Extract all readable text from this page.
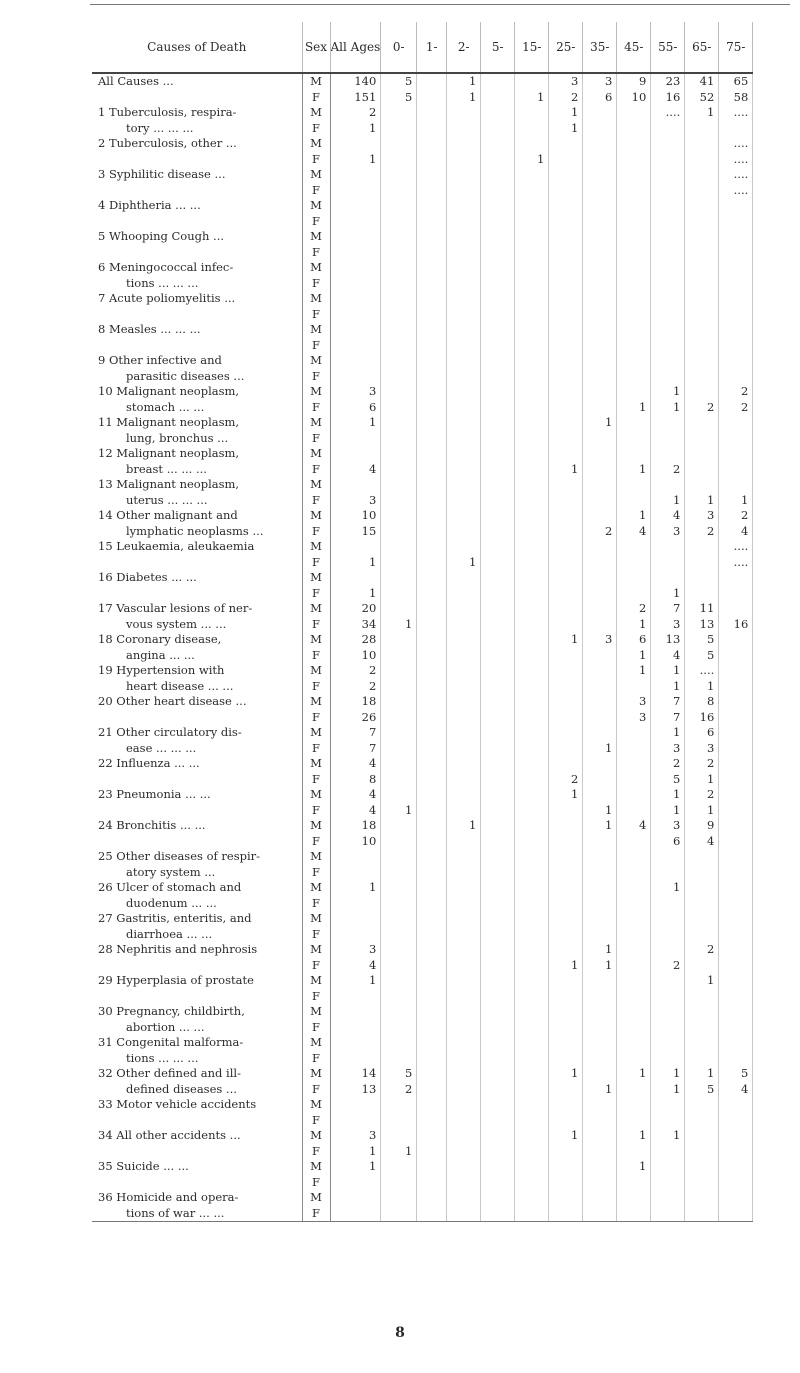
Causes of Death	Sex	All Ages	0-	1-	2-	5-	15-	25-	35-	45-	55-	65-	75-
All Causes ...	M	140	5		1			3	3	9	23	41	65
	F	151	5		1		1	2	6	10	16	52	58
1 Tuberculosis, respira-	M	2						1			....	1	....
tory ... ... ...	F	1						1					
2 Tuberculosis, other ...	M												....
	F	1					1						....
3 Syphilitic disease ...	M												....
	F												....
4 Diphtheria ... ...	M												
	F												
5 Whooping Cough ...	M												
	F												
6 Meningococcal infec-	M												
tions ... ... ...	F												
7 Acute poliomyelitis ...	M												
	F												
8 Measles ... ... ...	M												
	F												
9 Other infective and	M												
parasitic diseases ...	F												
10 Malignant neoplasm,	M	3									1		2
stomach ... ...	F	6								1	1	2	2
11 Malignant neoplasm,	M	1							1				
lung, bronchus ...	F												
12 Malignant neoplasm,	M												
breast ... ... ...	F	4						1		1	2		
13 Malignant neoplasm,	M												
uterus ... ... ...	F	3									1	1	1
14 Other malignant and	M	10								1	4	3	2
lymphatic neoplasms ...	F	15							2	4	3	2	4
15 Leukaemia, aleukaemia	M												....
	F	1			1								....
16 Diabetes ... ...	M												
	F	1									1		
17 Vascular lesions of ner-	M	20								2	7	11	
vous system ... ...	F	34	1							1	3	13	16
18 Coronary disease,	M	28						1	3	6	13	5	
angina ... ...	F	10								1	4	5	
19 Hypertension with	M	2								1	1	....	
heart disease ... ...	F	2									1	1	
20 Other heart disease ...	M	18								3	7	8	
	F	26								3	7	16	
21 Other circulatory dis-	M	7									1	6	
ease ... ... ...	F	7							1		3	3	
22 Influenza ... ...	M	4									2	2	
	F	8						2			5	1	
23 Pneumonia ... ...	M	4						1			1	2	
	F	4	1						1		1	1	
24 Bronchitis ... ...	M	18			1				1	4	3	9	
	F	10									6	4	
25 Other diseases of respir-	M												
atory system ...	F												
26 Ulcer of stomach and	M	1									1		
duodenum ... ...	F												
27 Gastritis, enteritis, and	M												
diarrhoea ... ...	F												
28 Nephritis and nephrosis	M	3							1			2	
	F	4						1	1		2		
29 Hyperplasia of prostate	M	1										1	
	F												
30 Pregnancy, childbirth,	M												
abortion ... ...	F												
31 Congenital malforma-	M												
tions ... ... ...	F												
32 Other defined and ill-	M	14	5					1		1	1	1	5
defined diseases ...	F	13	2						1		1	5	4
33 Motor vehicle accidents	M												
	F												
34 All other accidents ...	M	3						1		1	1		
	F	1	1										
35 Suicide ... ...	M	1								1			
	F												
36 Homicide and opera-	M												
tions of war ... ...	F												
8
